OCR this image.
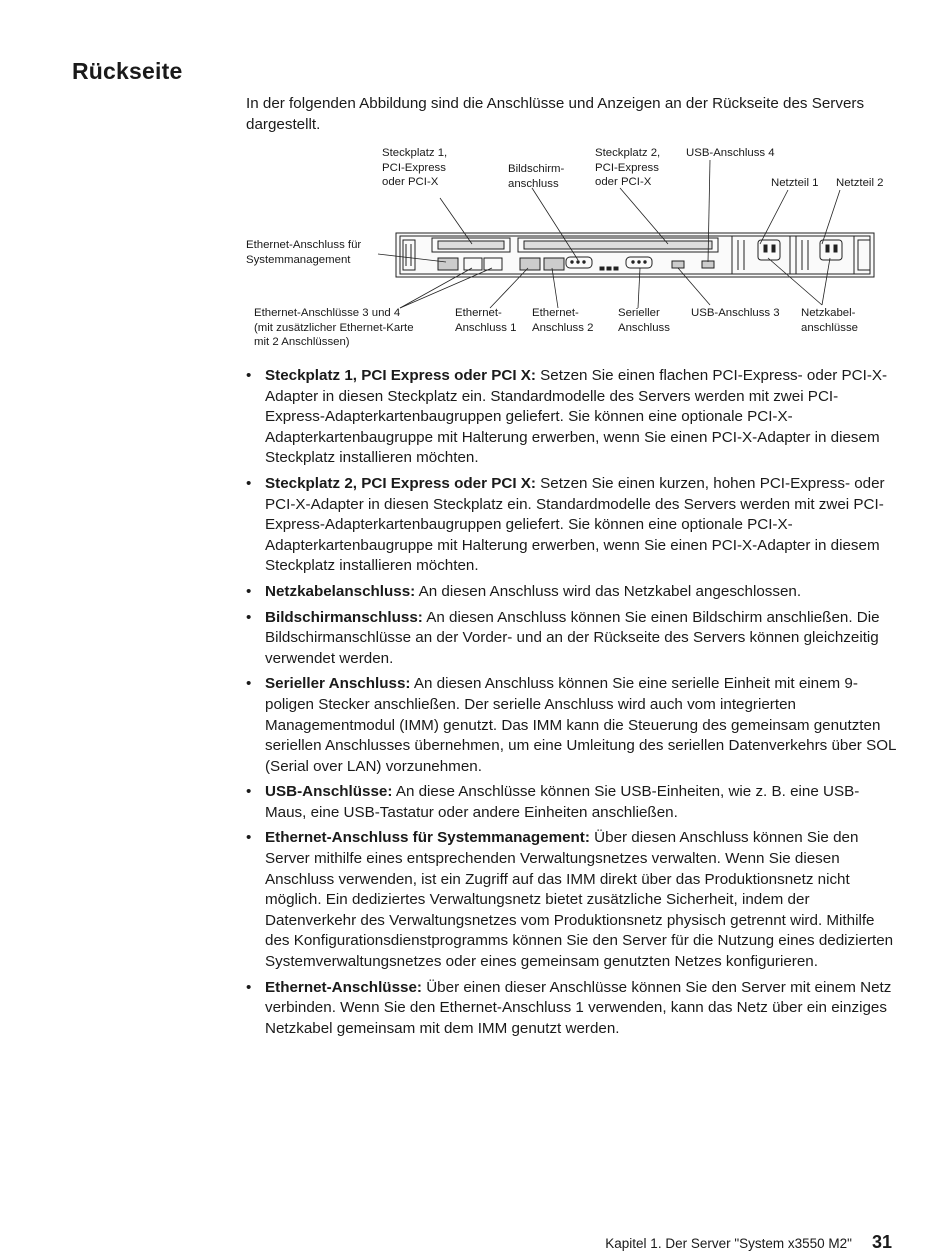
Rückseite

In der folgenden Abbildung sind die Anschlüsse und Anzeigen an der Rückseite des Servers dargestellt.

Steckplatz 1,
PCI-Express
oder PCI-X

Bildschirm-
anschluss

Steckplatz 2,
PCI-Express
oder PCI-X

USB-Anschluss 4

Netzteil 1 Netzteil 2

Ethernet-Anschluss für
Systemmanagement

Ethernet-Anschlüsse 3 und 4
(mit zusätzlicher Ethernet-Karte
mit 2 Anschlüssen)

Ethernet-
Anschluss 1

Ethernet-
Anschluss 2

Serieller
Anschluss

USB-Anschluss 3 Netzkabel-
anschlüsse

• Steckplatz 1, PCI Express oder PCI X: Setzen Sie einen flachen PCI-Express- oder PCI-X-Adapter in diesen Steckplatz ein. Standardmodelle des Servers werden mit zwei PCI-Express-Adapterkartenbaugruppen geliefert. Sie können eine optionale PCI-X-Adapterkartenbaugruppe mit Halterung erwerben, wenn Sie einen PCI-X-Adapter in diesem Steckplatz installieren möchten.
• Steckplatz 2, PCI Express oder PCI X: Setzen Sie einen kurzen, hohen PCI-Express- oder PCI-X-Adapter in diesen Steckplatz ein. Standardmodelle des Servers werden mit zwei PCI-Express-Adapterkartenbaugruppen geliefert. Sie können eine optionale PCI-X-Adapterkartenbaugruppe mit Halterung erwerben, wenn Sie einen PCI-X-Adapter in diesem Steckplatz installieren möchten.
• Netzkabelanschluss: An diesen Anschluss wird das Netzkabel angeschlossen.
• Bildschirmanschluss: An diesen Anschluss können Sie einen Bildschirm anschließen. Die Bildschirmanschlüsse an der Vorder- und an der Rückseite des Servers können gleichzeitig verwendet werden.
• Serieller Anschluss: An diesen Anschluss können Sie eine serielle Einheit mit einem 9-poligen Stecker anschließen. Der serielle Anschluss wird auch vom integrierten Managementmodul (IMM) genutzt. Das IMM kann die Steuerung des gemeinsam genutzten seriellen Anschlusses übernehmen, um eine Umleitung des seriellen Datenverkehrs über SOL (Serial over LAN) vorzunehmen.
• USB-Anschlüsse: An diese Anschlüsse können Sie USB-Einheiten, wie z. B. eine USB-Maus, eine USB-Tastatur oder andere Einheiten anschließen.
• Ethernet-Anschluss für Systemmanagement: Über diesen Anschluss können Sie den Server mithilfe eines entsprechenden Verwaltungsnetzes verwalten. Wenn Sie diesen Anschluss verwenden, ist ein Zugriff auf das IMM direkt über das Produktionsnetz nicht möglich. Ein dediziertes Verwaltungsnetz bietet zusätzliche Sicherheit, indem der Datenverkehr des Verwaltungsnetzes vom Produktionsnetz physisch getrennt wird. Mithilfe des Konfigurationsdienstprogramms können Sie den Server für die Nutzung eines dedizierten Systemverwaltungsnetzes oder eines gemeinsam genutzten Netzes konfigurieren.
• Ethernet-Anschlüsse: Über einen dieser Anschlüsse können Sie den Server mit einem Netz verbinden. Wenn Sie den Ethernet-Anschluss 1 verwenden, kann das Netz über ein einziges Netzkabel gemeinsam mit dem IMM genutzt werden.
Kapitel 1. Der Server "System x3550 M2" 31
